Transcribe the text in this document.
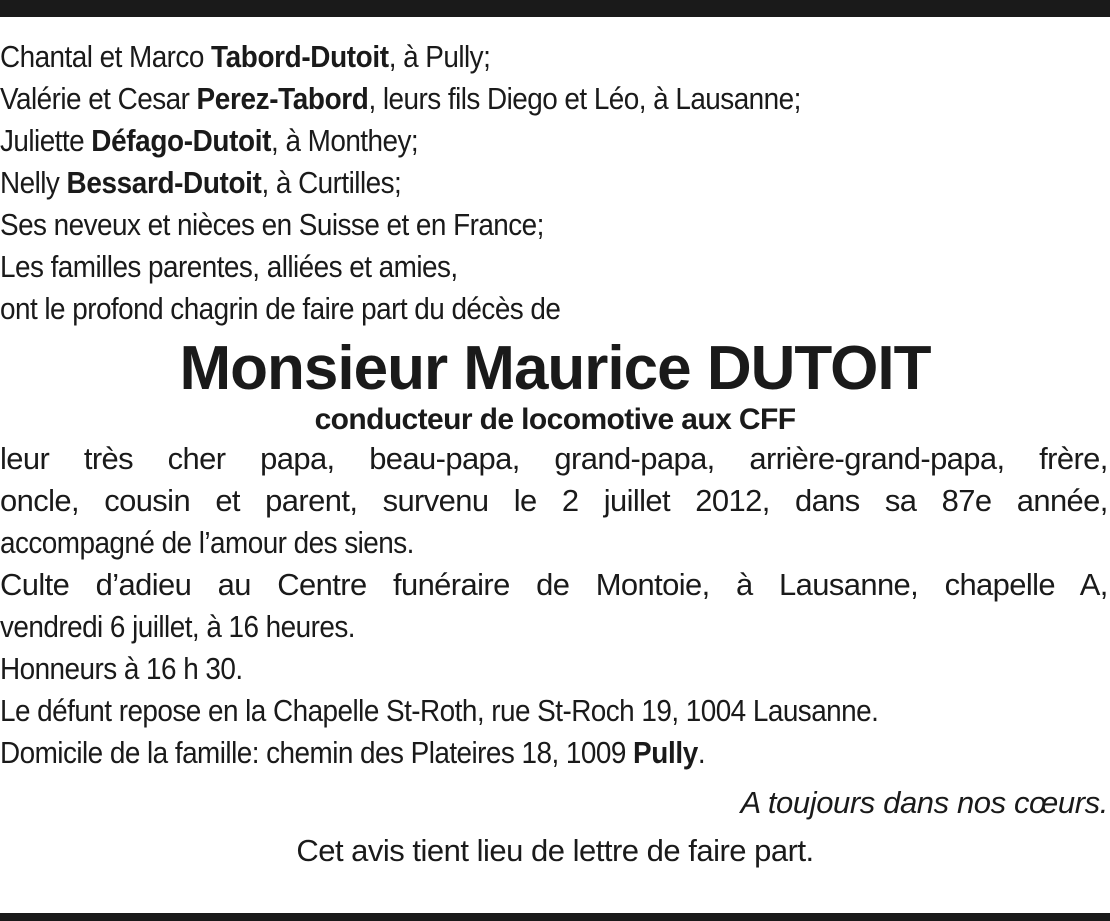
Chantal et Marco Tabord-Dutoit, à Pully;
Valérie et Cesar Perez-Tabord, leurs fils Diego et Léo, à Lausanne;
Juliette Défago-Dutoit, à Monthey;
Nelly Bessard-Dutoit, à Curtilles;
Ses neveux et nièces en Suisse et en France;
Les familles parentes, alliées et amies,
ont le profond chagrin de faire part du décès de
Monsieur Maurice DUTOIT
conducteur de locomotive aux CFF
leur très cher papa, beau-papa, grand-papa, arrière-grand-papa, frère,
oncle, cousin et parent, survenu le 2 juillet 2012, dans sa 87e année,
accompagné de l’amour des siens.
Culte d’adieu au Centre funéraire de Montoie, à Lausanne, chapelle A,
vendredi 6 juillet, à 16 heures.
Honneurs à 16 h 30.
Le défunt repose en la Chapelle St-Roth, rue St-Roch 19, 1004 Lausanne.
Domicile de la famille: chemin des Plateires 18, 1009 Pully.
A toujours dans nos cœurs.
Cet avis tient lieu de lettre de faire part.
